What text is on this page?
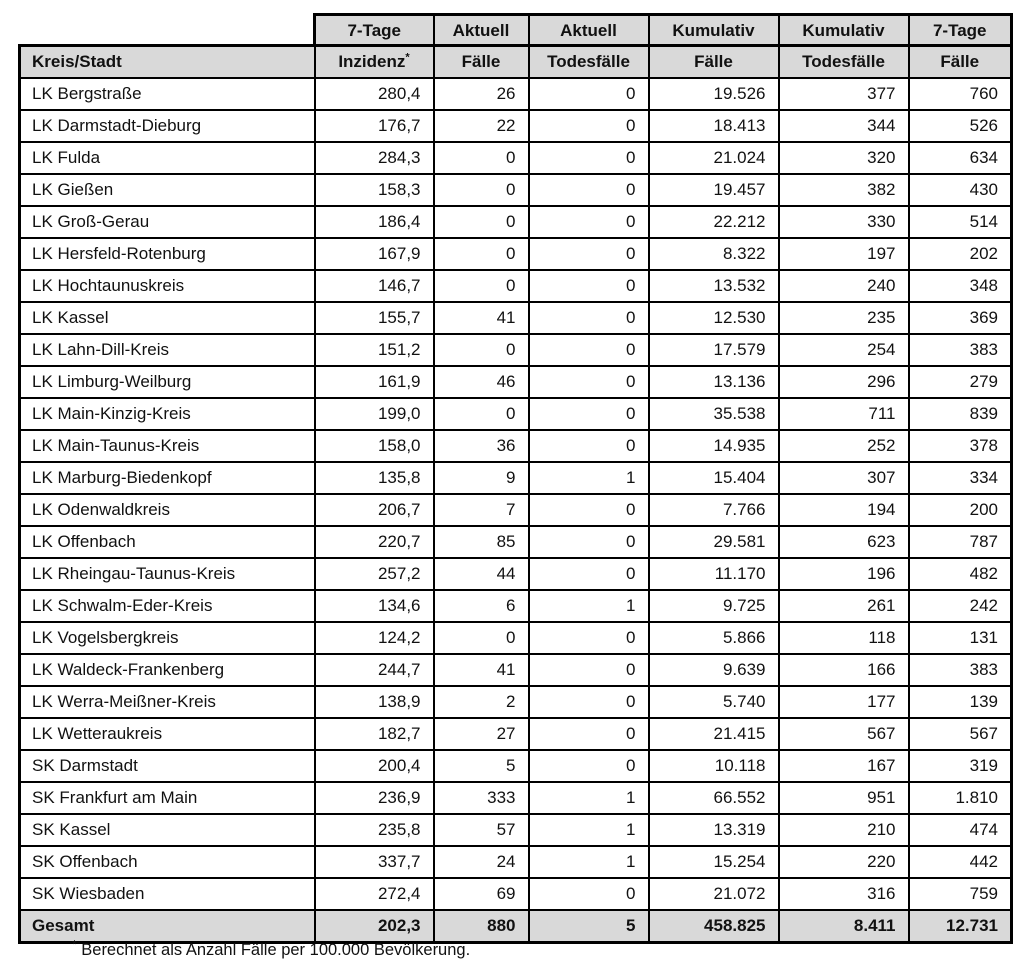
	7-Tage	Aktuell	Aktuell	Kumulativ	Kumulativ	7-Tage
Kreis/Stadt	Inzidenz*	Fälle	Todesfälle	Fälle	Todesfälle	Fälle
LK Bergstraße	280,4	26	0	19.526	377	760
LK Darmstadt-Dieburg	176,7	22	0	18.413	344	526
LK Fulda	284,3	0	0	21.024	320	634
LK Gießen	158,3	0	0	19.457	382	430
LK Groß-Gerau	186,4	0	0	22.212	330	514
LK Hersfeld-Rotenburg	167,9	0	0	8.322	197	202
LK Hochtaunuskreis	146,7	0	0	13.532	240	348
LK Kassel	155,7	41	0	12.530	235	369
LK Lahn-Dill-Kreis	151,2	0	0	17.579	254	383
LK Limburg-Weilburg	161,9	46	0	13.136	296	279
LK Main-Kinzig-Kreis	199,0	0	0	35.538	711	839
LK Main-Taunus-Kreis	158,0	36	0	14.935	252	378
LK Marburg-Biedenkopf	135,8	9	1	15.404	307	334
LK Odenwaldkreis	206,7	7	0	7.766	194	200
LK Offenbach	220,7	85	0	29.581	623	787
LK Rheingau-Taunus-Kreis	257,2	44	0	11.170	196	482
LK Schwalm-Eder-Kreis	134,6	6	1	9.725	261	242
LK Vogelsbergkreis	124,2	0	0	5.866	118	131
LK Waldeck-Frankenberg	244,7	41	0	9.639	166	383
LK Werra-Meißner-Kreis	138,9	2	0	5.740	177	139
LK Wetteraukreis	182,7	27	0	21.415	567	567
SK Darmstadt	200,4	5	0	10.118	167	319
SK Frankfurt am Main	236,9	333	1	66.552	951	1.810
SK Kassel	235,8	57	1	13.319	210	474
SK Offenbach	337,7	24	1	15.254	220	442
SK Wiesbaden	272,4	69	0	21.072	316	759
Gesamt	202,3	880	5	458.825	8.411	12.731
* Berechnet als Anzahl Fälle per 100.000 Bevölkerung.
